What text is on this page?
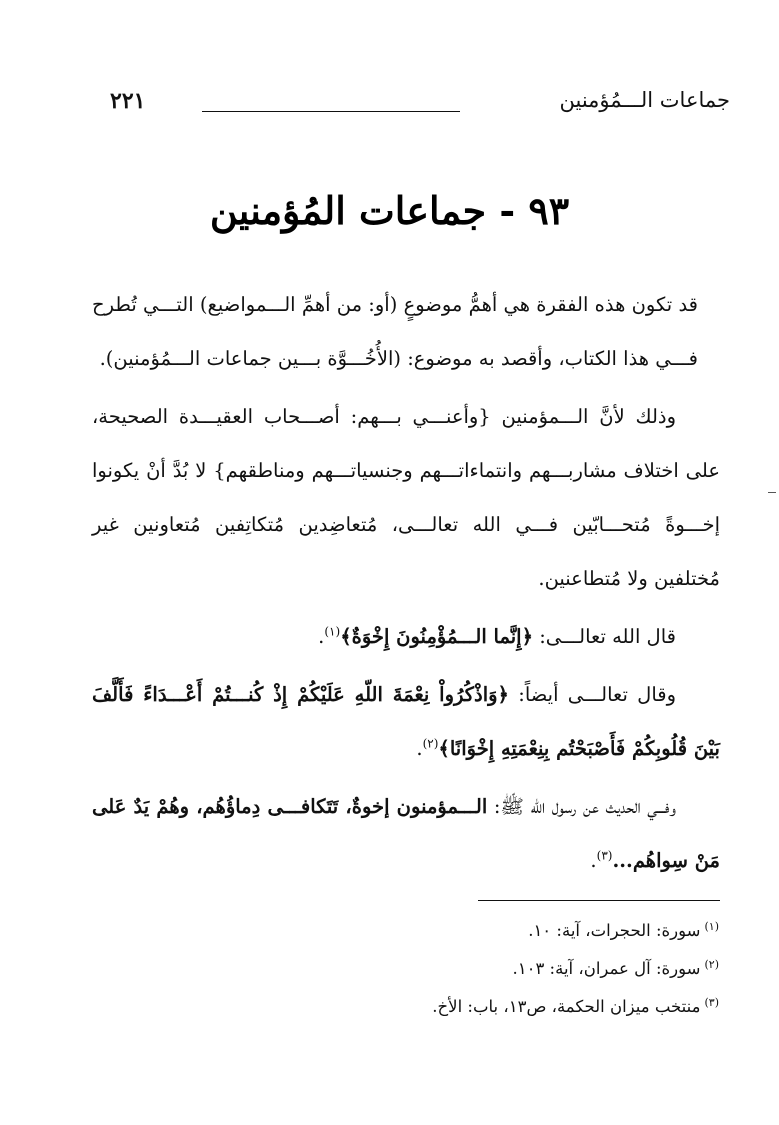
جماعات الـــمُؤمنين
٢٢١
٩٣ - جماعات المُؤمنين

قد تكون هذه الفقرة هي أهمُّ موضوعٍ (أو: من أهمِّ الـــمواضيع) التـــي تُطرح فـــي هذا الكتاب، وأقصد به موضوع: (الأُخُـــوَّة بـــين جماعات الـــمُؤمنين).

وذلك لأنَّ الـــمؤمنين {وأعنـــي بـــهم: أصـــحاب العقيـــدة الصحيحة، على اختلاف مشاربـــهم وانتماءاتـــهم وجنسياتـــهم ومناطقهم} لا بُدَّ أنْ يكونوا إخـــوةً مُتحـــابّين فـــي الله تعالـــى، مُتعاضِدين مُتكاتِفين مُتعاونين غير مُختلفين ولا مُتطاعنين.

قال الله تعالـــى: ﴿إِنَّما الـــمُؤْمِنُونَ إِخْوَةٌ﴾$^{(١)}$.

وقال تعالـــى أيضاً: ﴿وَاذْكُرُواْ نِعْمَةَ اللّهِ عَلَيْكُمْ إِذْ كُنـــتُمْ أَعْـــدَاءً فَأَلَّفَ بَيْنَ قُلُوبِكُمْ فَأَصْبَحْتُم بِنِعْمَتِهِ إِخْوَانًا﴾$^{(٢)}$.

وفـــي الحديث عن رسول الله ﷺ: الـــمؤمنون إخوةٌ، تَتَكافـــى دِماؤُهُم، وهُمْ يَدٌ عَلى مَنْ سِواهُم...$^{(٣)}$.

$^{(١)}$سورة: الحجرات، آية: ١٠.

$^{(٢)}$سورة: آل عمران، آية: ١٠٣.

$^{(٣)}$منتخب ميزان الحكمة، ص١٣، باب: الأخ.
